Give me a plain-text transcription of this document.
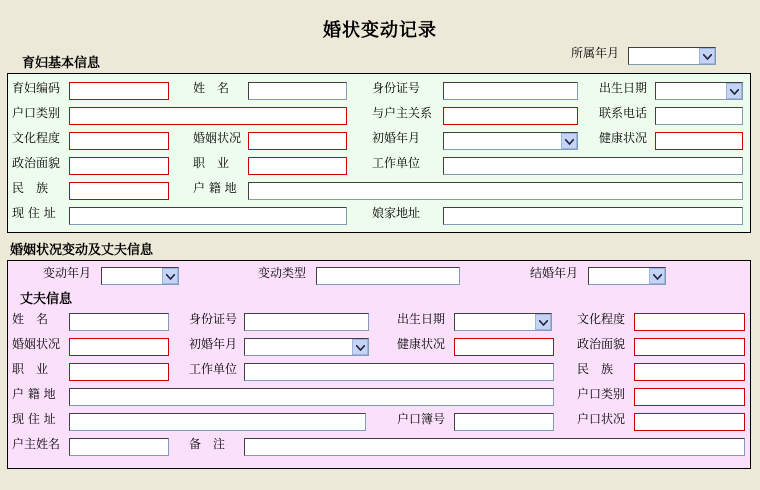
婚状变动记录
所属年月
育妇基本信息
育妇编码	姓　名	身份证号	出生日期
户口类别	与户主关系	联系电话
文化程度	婚姻状况	初婚年月	健康状况
政治面貌	职　业	工作单位
民　族	户 籍 地
现 住 址	娘家地址
婚姻状况变动及丈夫信息
变动年月	变动类型	结婚年月
丈夫信息
姓　名	身份证号	出生日期	文化程度
婚姻状况	初婚年月	健康状况	政治面貌
职　业	工作单位	民　族
户 籍 地	户口类别
现 住 址	户口簿号	户口状况
户主姓名	备　注
